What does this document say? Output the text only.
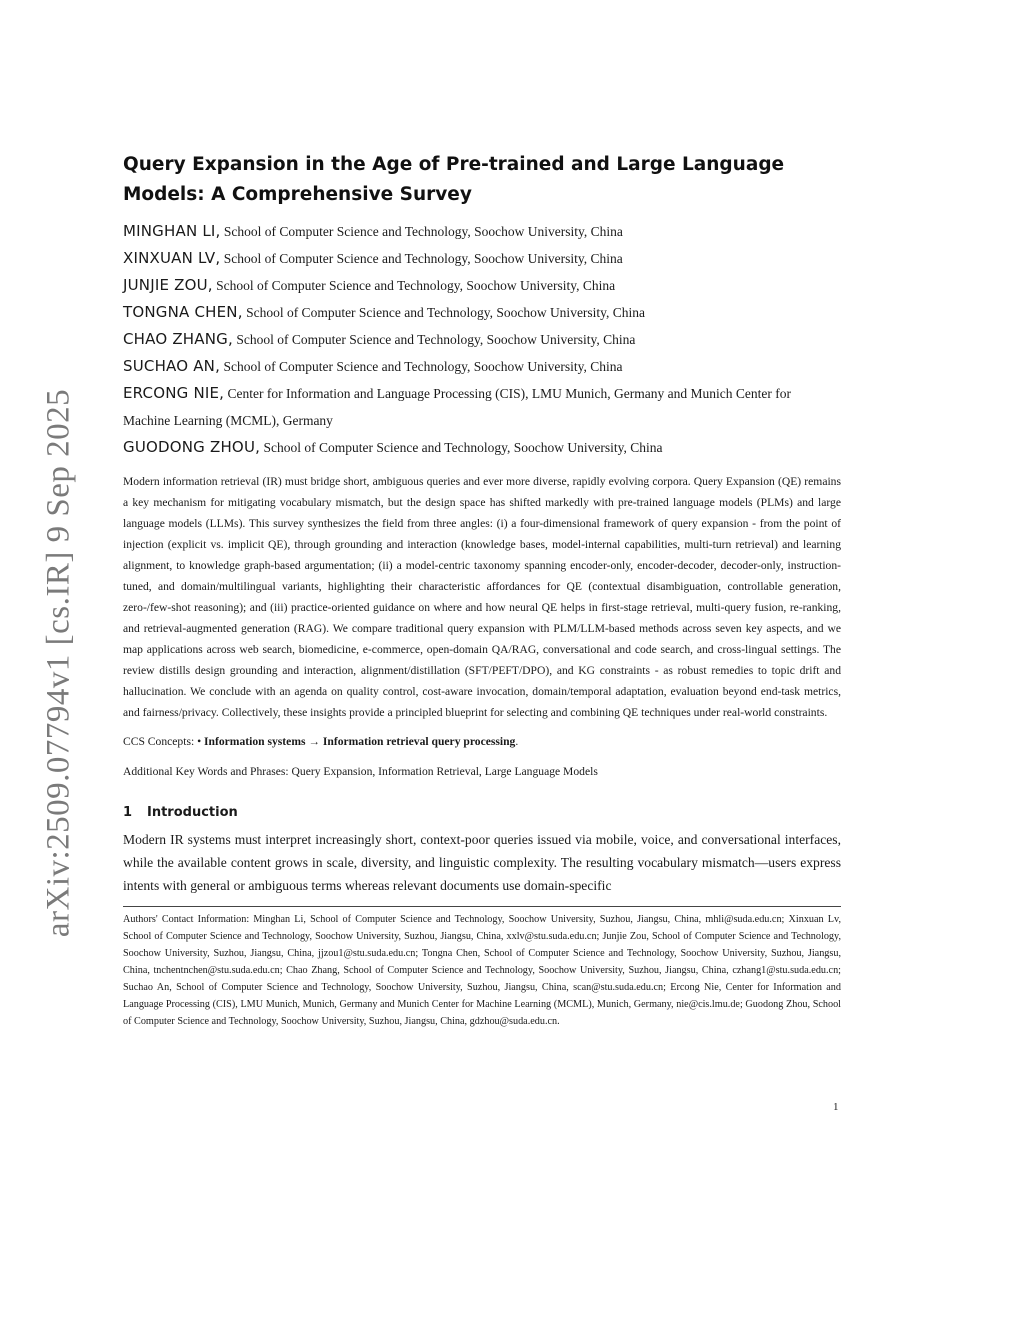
arXiv:2509.07794v1 [cs.IR] 9 Sep 2025
Query Expansion in the Age of Pre-trained and Large Language Models: A Comprehensive Survey
MINGHAN LI, School of Computer Science and Technology, Soochow University, China
XINXUAN LV, School of Computer Science and Technology, Soochow University, China
JUNJIE ZOU, School of Computer Science and Technology, Soochow University, China
TONGNA CHEN, School of Computer Science and Technology, Soochow University, China
CHAO ZHANG, School of Computer Science and Technology, Soochow University, China
SUCHAO AN, School of Computer Science and Technology, Soochow University, China
ERCONG NIE, Center for Information and Language Processing (CIS), LMU Munich, Germany and Munich Center for Machine Learning (MCML), Germany
GUODONG ZHOU, School of Computer Science and Technology, Soochow University, China

Modern information retrieval (IR) must bridge short, ambiguous queries and ever more diverse, rapidly evolving corpora. Query Expansion (QE) remains a key mechanism for mitigating vocabulary mismatch, but the design space has shifted markedly with pre-trained language models (PLMs) and large language models (LLMs). This survey synthesizes the field from three angles: (i) a four-dimensional framework of query expansion - from the point of injection (explicit vs. implicit QE), through grounding and interaction (knowledge bases, model-internal capabilities, multi-turn retrieval) and learning alignment, to knowledge graph-based argumentation; (ii) a model-centric taxonomy spanning encoder-only, encoder-decoder, decoder-only, instruction-tuned, and domain/multilingual variants, highlighting their characteristic affordances for QE (contextual disambiguation, controllable generation, zero-/few-shot reasoning); and (iii) practice-oriented guidance on where and how neural QE helps in first-stage retrieval, multi-query fusion, re-ranking, and retrieval-augmented generation (RAG). We compare traditional query expansion with PLM/LLM-based methods across seven key aspects, and we map applications across web search, biomedicine, e-commerce, open-domain QA/RAG, conversational and code search, and cross-lingual settings. The review distills design grounding and interaction, alignment/distillation (SFT/PEFT/DPO), and KG constraints - as robust remedies to topic drift and hallucination. We conclude with an agenda on quality control, cost-aware invocation, domain/temporal adaptation, evaluation beyond end-task metrics, and fairness/privacy. Collectively, these insights provide a principled blueprint for selecting and combining QE techniques under real-world constraints.

CCS Concepts: • Information systems → Information retrieval query processing.
Additional Key Words and Phrases: Query Expansion, Information Retrieval, Large Language Models
1 Introduction

Modern IR systems must interpret increasingly short, context-poor queries issued via mobile, voice, and conversational interfaces, while the available content grows in scale, diversity, and linguistic complexity. The resulting vocabulary mismatch—users express intents with general or ambiguous terms whereas relevant documents use domain-specific

Authors' Contact Information: Minghan Li, School of Computer Science and Technology, Soochow University, Suzhou, Jiangsu, China, mhli@suda.edu.cn; Xinxuan Lv, School of Computer Science and Technology, Soochow University, Suzhou, Jiangsu, China, xxlv@stu.suda.edu.cn; Junjie Zou, School of Computer Science and Technology, Soochow University, Suzhou, Jiangsu, China, jjzou1@stu.suda.edu.cn; Tongna Chen, School of Computer Science and Technology, Soochow University, Suzhou, Jiangsu, China, tnchentnchen@stu.suda.edu.cn; Chao Zhang, School of Computer Science and Technology, Soochow University, Suzhou, Jiangsu, China, czhang1@stu.suda.edu.cn; Suchao An, School of Computer Science and Technology, Soochow University, Suzhou, Jiangsu, China, scan@stu.suda.edu.cn; Ercong Nie, Center for Information and Language Processing (CIS), LMU Munich, Munich, Germany and Munich Center for Machine Learning (MCML), Munich, Germany, nie@cis.lmu.de; Guodong Zhou, School of Computer Science and Technology, Soochow University, Suzhou, Jiangsu, China, gdzhou@suda.edu.cn.

1
